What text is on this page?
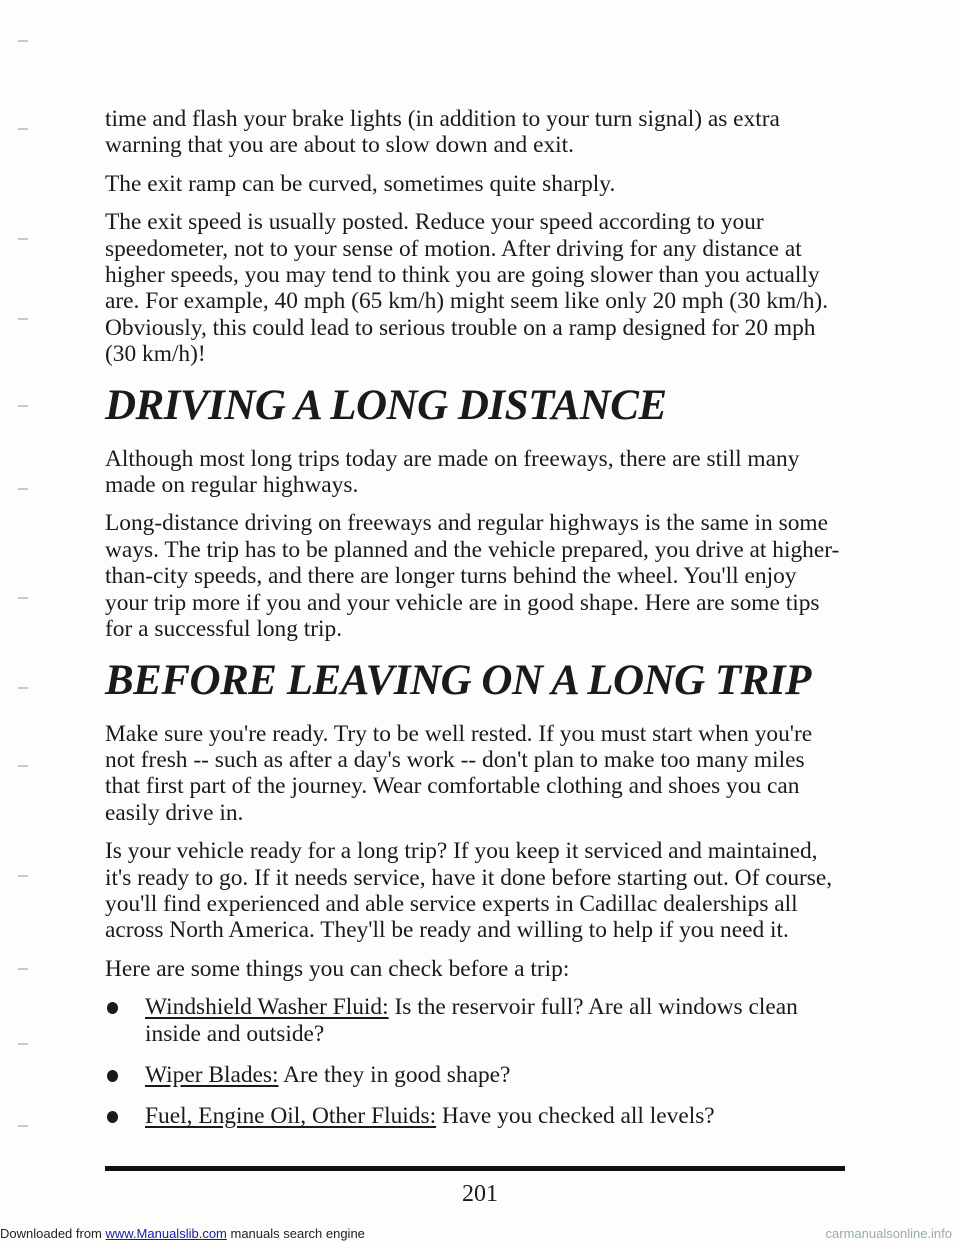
time and flash your brake lights (in addition to your turn signal) as extra warning that you are about to slow down and exit.

The exit ramp can be curved, sometimes quite sharply.

The exit speed is usually posted. Reduce your speed according to your speedometer, not to your sense of motion. After driving for any distance at higher speeds, you may tend to think you are going slower than you actually are. For example, 40 mph (65 km/h) might seem like only 20 mph (30 km/h). Obviously, this could lead to serious trouble on a ramp designed for 20 mph (30 km/h)!

DRIVING A LONG DISTANCE

Although most long trips today are made on freeways, there are still many made on regular highways.

Long-distance driving on freeways and regular highways is the same in some ways. The trip has to be planned and the vehicle prepared, you drive at higher-than-city speeds, and there are longer turns behind the wheel. You'll enjoy your trip more if you and your vehicle are in good shape. Here are some tips for a successful long trip.

BEFORE LEAVING ON A LONG TRIP

Make sure you're ready. Try to be well rested. If you must start when you're not fresh -- such as after a day's work -- don't plan to make too many miles that first part of the journey. Wear comfortable clothing and shoes you can easily drive in.

Is your vehicle ready for a long trip? If you keep it serviced and maintained, it's ready to go. If it needs service, have it done before starting out. Of course, you'll find experienced and able service experts in Cadillac dealerships all across North America. They'll be ready and willing to help if you need it.

Here are some things you can check before a trip:

Windshield Washer Fluid: Is the reservoir full? Are all windows clean inside and outside?
Wiper Blades: Are they in good shape?
Fuel, Engine Oil, Other Fluids: Have you checked all levels?
201
Downloaded from www.Manualslib.com manuals search engine	carmanualsonline.info
